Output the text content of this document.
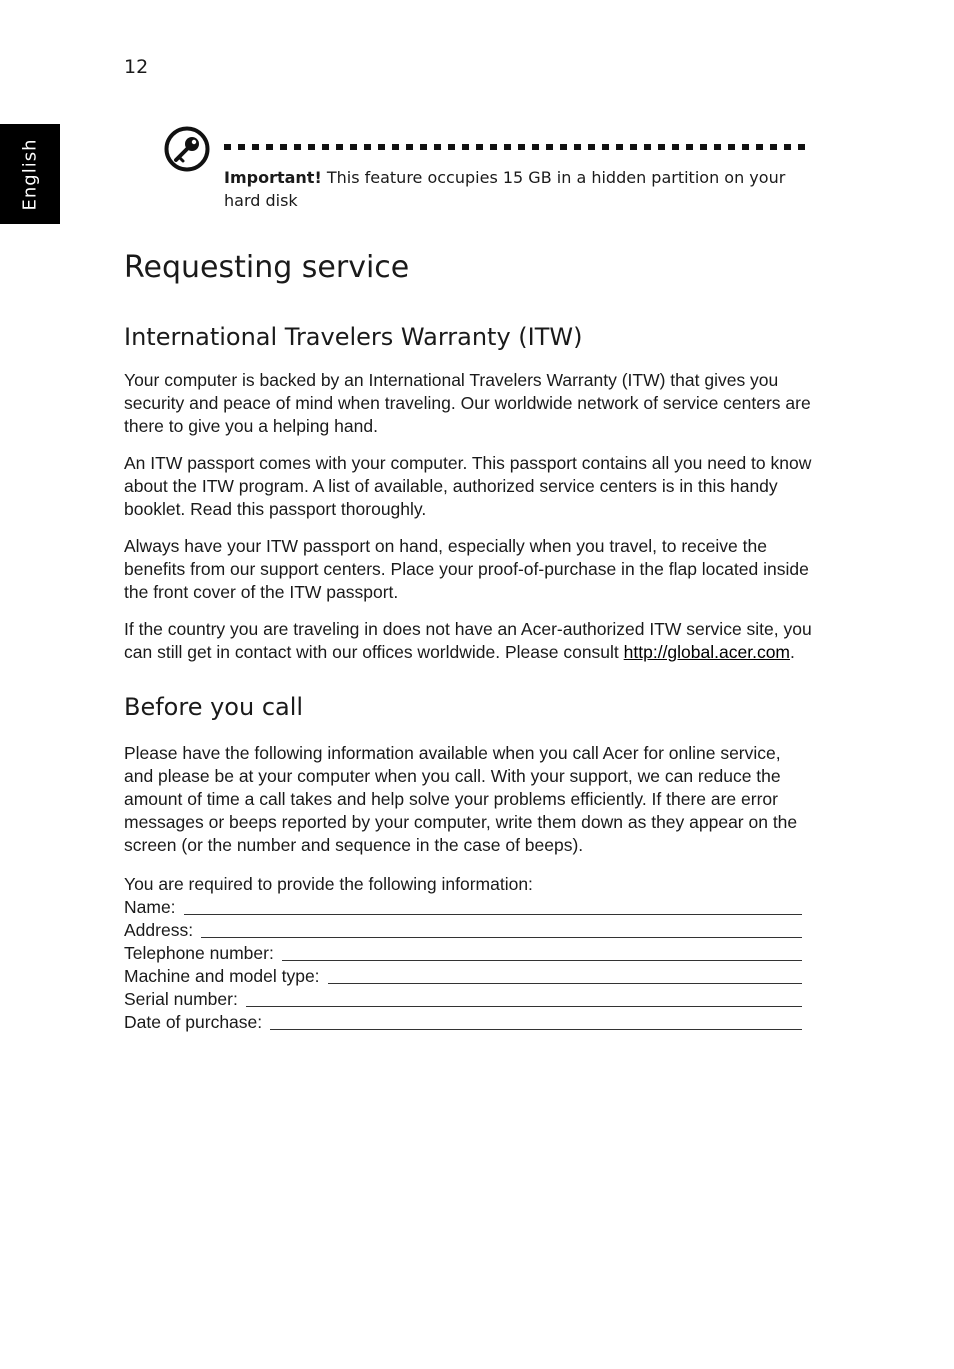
12
English	Important! This feature occupies 15 GB in a hidden partition on your hard disk
Requesting service
International Travelers Warranty (ITW)

Your computer is backed by an International Travelers Warranty (ITW) that gives you security and peace of mind when traveling. Our worldwide network of service centers are there to give you a helping hand.

An ITW passport comes with your computer. This passport contains all you need to know about the ITW program. A list of available, authorized service centers is in this handy booklet. Read this passport thoroughly.

Always have your ITW passport on hand, especially when you travel, to receive the benefits from our support centers. Place your proof-of-purchase in the flap located inside the front cover of the ITW passport.

If the country you are traveling in does not have an Acer-authorized ITW service site, you can still get in contact with our offices worldwide. Please consult http://global.acer.com.

Before you call

Please have the following information available when you call Acer for online service, and please be at your computer when you call. With your support, we can reduce the amount of time a call takes and help solve your problems efficiently. If there are error messages or beeps reported by your computer, write them down as they appear on the screen (or the number and sequence in the case of beeps).

You are required to provide the following information:

Name:
Address:
Telephone number:
Machine and model type:
Serial number:
Date of purchase:
